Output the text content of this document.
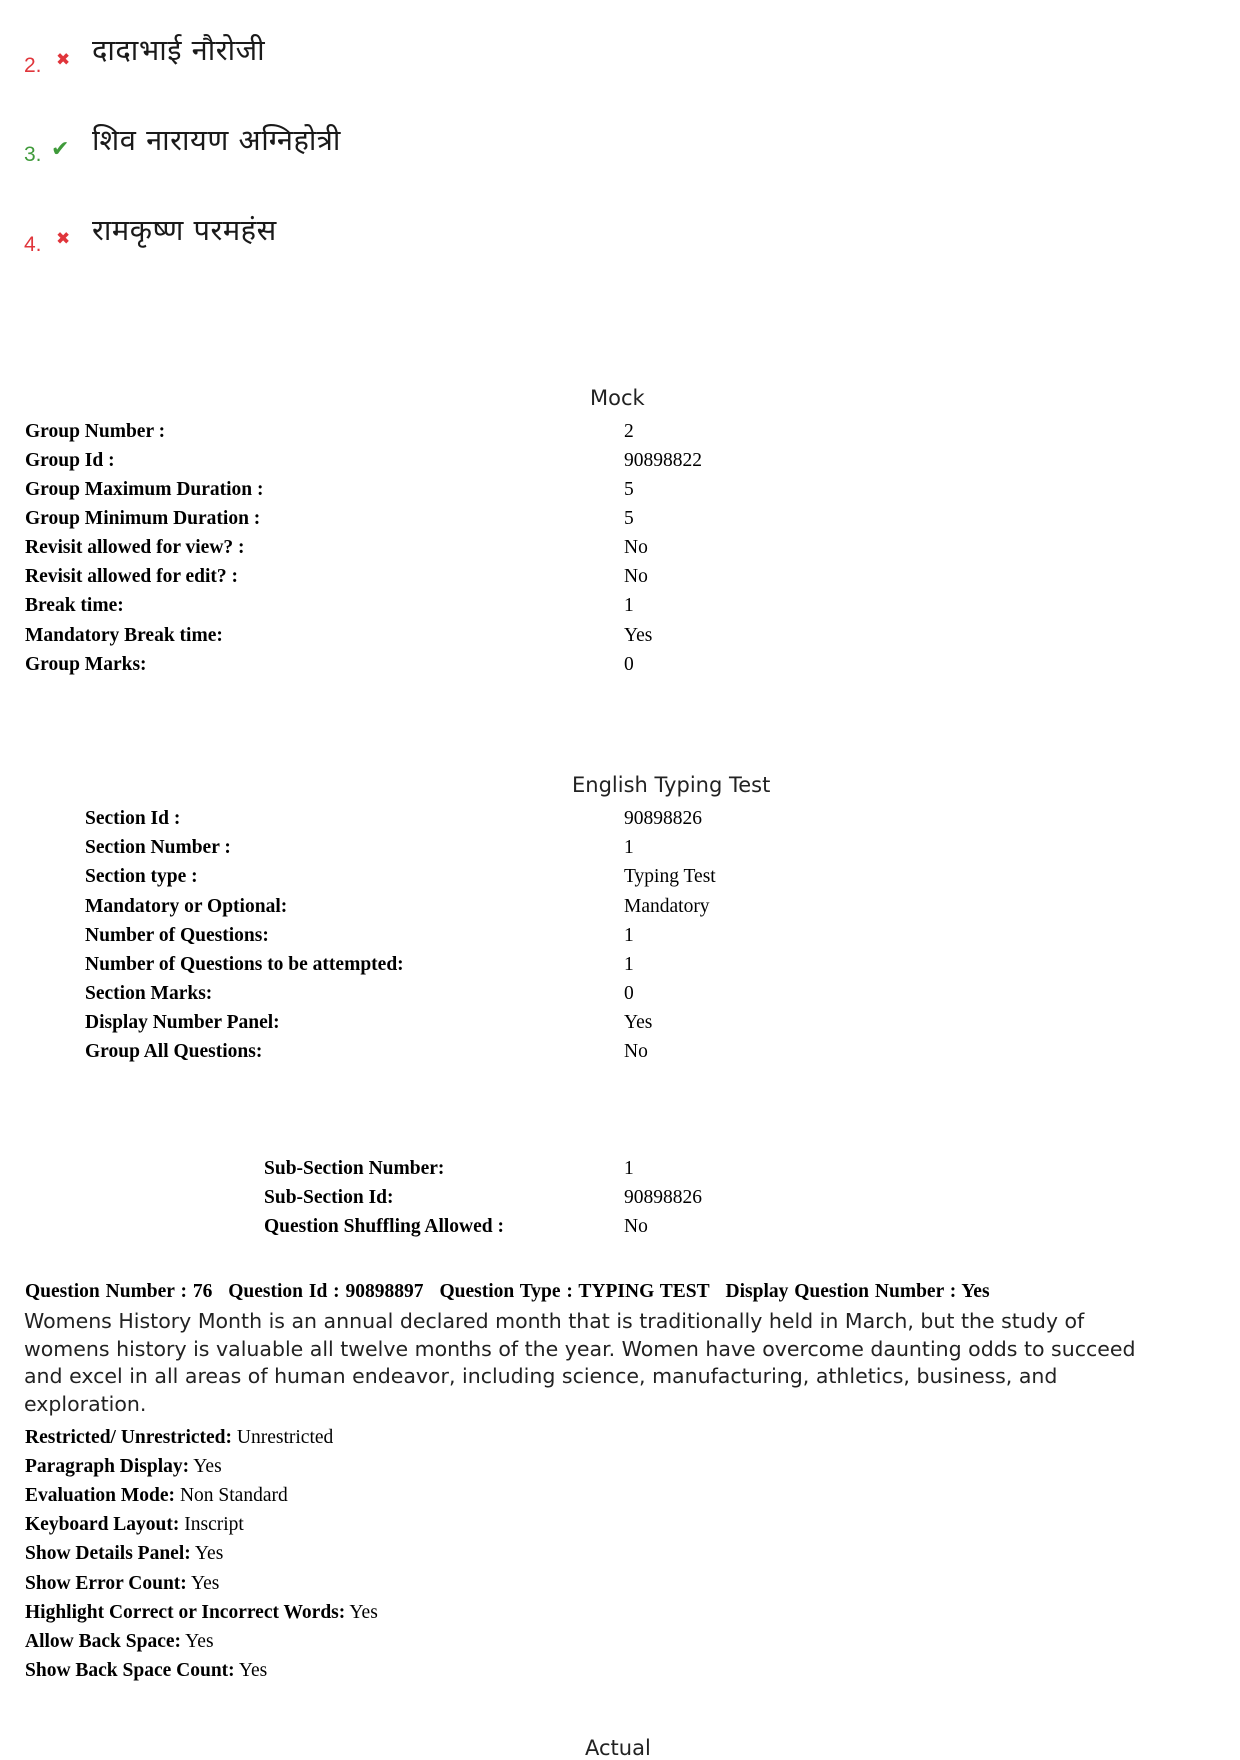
2. ✖ दादाभाई नौरोजी
3. ✔ शिव नारायण अग्निहोत्री
4. ✖ रामकृष्ण परमहंस
Mock
Group Number :	2
Group Id :	90898822
Group Maximum Duration :	5
Group Minimum Duration :	5
Revisit allowed for view? :	No
Revisit allowed for edit? :	No
Break time:	1
Mandatory Break time:	Yes
Group Marks:	0
English Typing Test
Section Id :	90898826
Section Number :	1
Section type :	Typing Test
Mandatory or Optional:	Mandatory
Number of Questions:	1
Number of Questions to be attempted:	1
Section Marks:	0
Display Number Panel:	Yes
Group All Questions:	No
Sub-Section Number:	1
Sub-Section Id:	90898826
Question Shuffling Allowed :	No
Question Number : 76 Question Id : 90898897 Question Type : TYPING TEST Display Question Number : Yes
Womens History Month is an annual declared month that is traditionally held in March, but the study of womens history is valuable all twelve months of the year. Women have overcome daunting odds to succeed and excel in all areas of human endeavor, including science, manufacturing, athletics, business, and exploration.
Restricted/ Unrestricted: Unrestricted
Paragraph Display: Yes
Evaluation Mode: Non Standard
Keyboard Layout: Inscript
Show Details Panel: Yes
Show Error Count: Yes
Highlight Correct or Incorrect Words: Yes
Allow Back Space: Yes
Show Back Space Count: Yes
Actual
